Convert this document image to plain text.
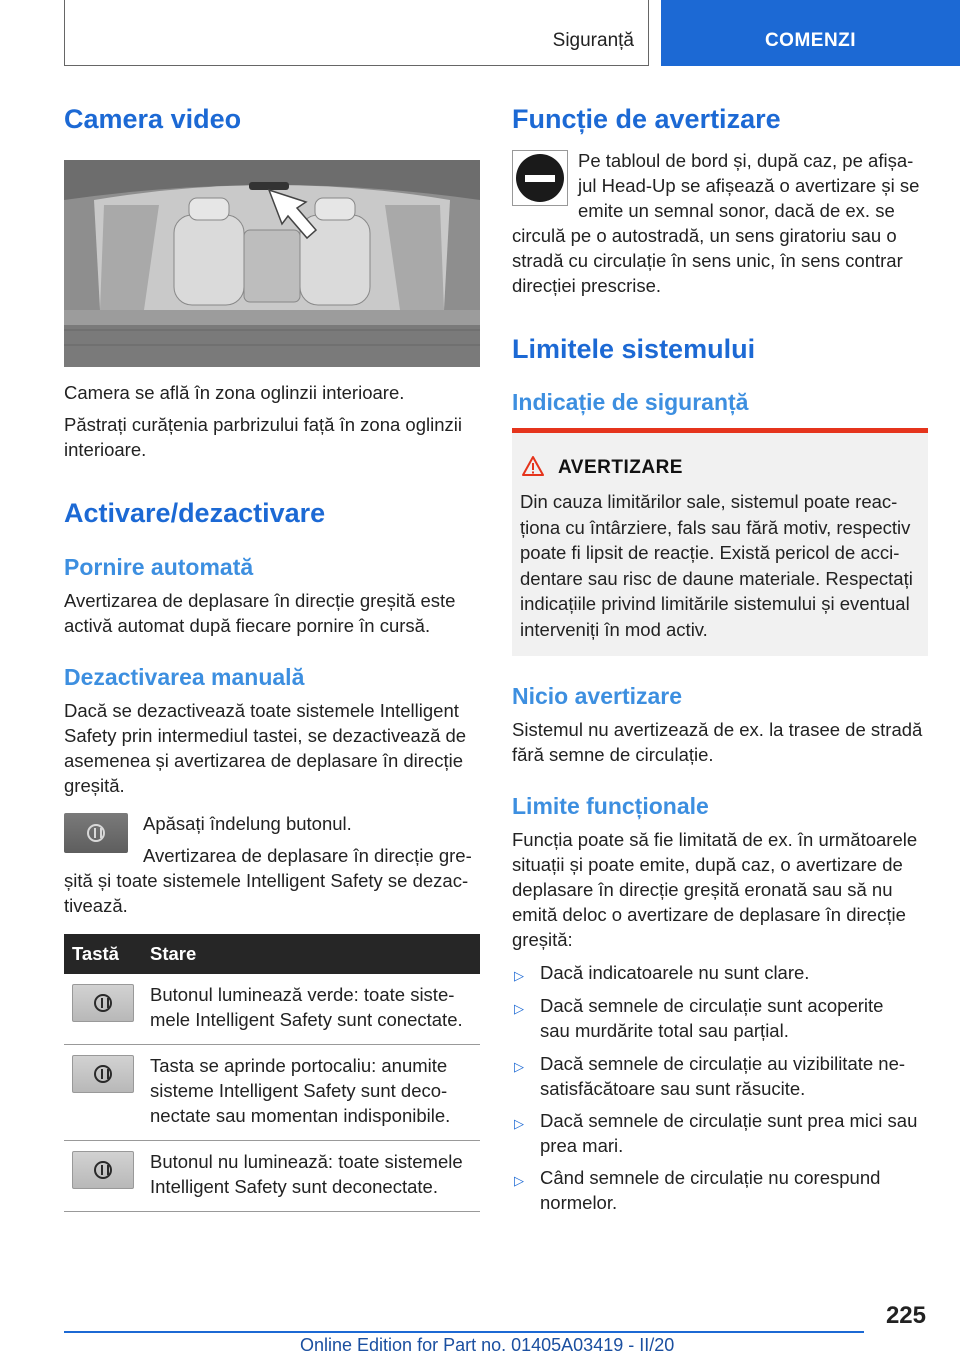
Siguranță	COMENZI
Camera video
Camera se află în zona oglinzii interioare.
Păstrați curățenia parbrizului față în zona oglinzii
interioare.
Activare/dezactivare
Pornire automată
Avertizarea de deplasare în direcție greșită este
activă automat după fiecare pornire în cursă.
Dezactivarea manuală
Dacă se dezactivează toate sistemele Intelligent
Safety prin intermediul tastei, se dezactivează de
asemenea și avertizarea de deplasare în direcție
greșită.
Apăsați îndelung butonul.
Avertizarea de deplasare în direcție gre-
șită și toate sistemele Intelligent Safety se dezac-
tivează.
Tastă	Stare

	Butonul luminează verde: toate siste-
mele Intelligent Safety sunt conectate.

	Tasta se aprinde portocaliu: anumite
sisteme Intelligent Safety sunt deco-
nectate sau momentan indisponibile.

	Butonul nu luminează: toate sistemele
Intelligent Safety sunt deconectate.
Funcție de avertizare
Pe tabloul de bord și, după caz, pe afișa-
jul Head-Up se afișează o avertizare și se
emite un semnal sonor, dacă de ex. se
circulă pe o autostradă, un sens giratoriu sau o
stradă cu circulație în sens unic, în sens contrar
direcției prescrise.
Limitele sistemului
Indicație de siguranță
AVERTIZARE
Din cauza limitărilor sale, sistemul poate reac-
ționa cu întârziere, fals sau fără motiv, respectiv
poate fi lipsit de reacție. Există pericol de acci-
dentare sau risc de daune materiale. Respectați
indicațiile privind limitările sistemului și eventual
interveniți în mod activ.
Nicio avertizare
Sistemul nu avertizează de ex. la trasee de stradă
fără semne de circulație.
Limite funcționale
Funcția poate să fie limitată de ex. în următoarele
situații și poate emite, după caz, o avertizare de
deplasare în direcție greșită eronată sau să nu
emită deloc o avertizare de deplasare în direcție
greșită:
▷ Dacă indicatoarele nu sunt clare.
▷ Dacă semnele de circulație sunt acoperite
sau murdărite total sau parțial.
▷ Dacă semnele de circulație au vizibilitate ne-
satisfăcătoare sau sunt răsucite.
▷ Dacă semnele de circulație sunt prea mici sau
prea mari.
▷ Când semnele de circulație nu corespund
normelor.
225
Online Edition for Part no. 01405A03419 - II/20
